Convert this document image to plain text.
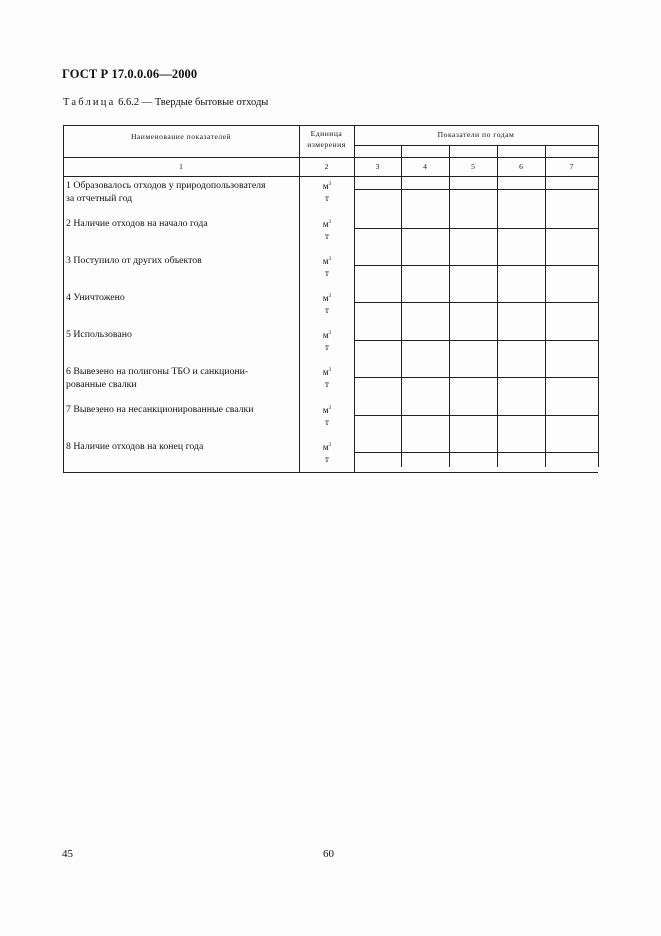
ГОСТ Р 17.0.0.06—2000
Таблица 6.6.2 — Твердые бытовые отходы
Наименование показателей	Единица измерения
Показатели по годам
1	2	3	4	5	6	7
1 Образовалось отходов у природопользователя
за отчетный год
$м^3$
т
2 Наличие отходов на начало года	$м^3$
т
3 Поступило от других объектов	$м^3$
т
4 Уничтожено	$м^3$
т
5 Использовано	$м^3$
т
6 Вывезено на полигоны ТБО и санкциони-
рованные свалки
$м^3$
т
7 Вывезено на несанкционированные свалки	$м^3$
т
8 Наличие отходов на конец года	$м^3$
т
45	60
